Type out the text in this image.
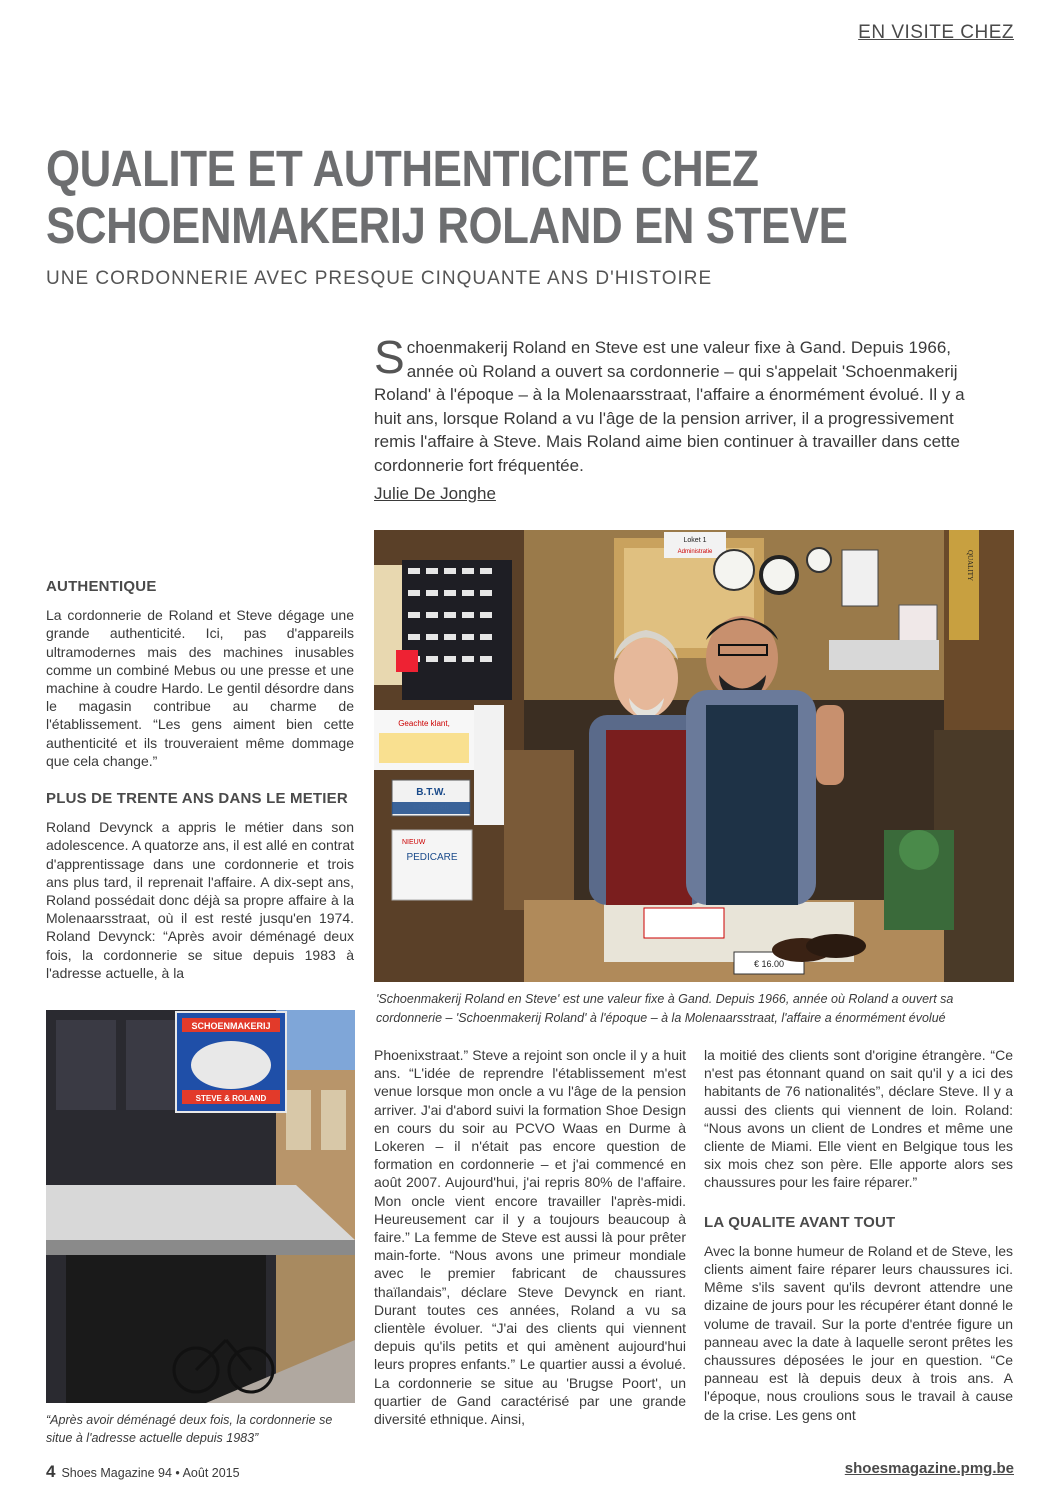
EN VISITE CHEZ
QUALITE ET AUTHENTICITE CHEZ
SCHOENMAKERIJ ROLAND EN STEVE
UNE CORDONNERIE AVEC PRESQUE CINQUANTE ANS D'HISTOIRE
Schoenmakerij Roland en Steve est une valeur fixe à Gand. Depuis 1966, année où Roland a ouvert sa cordonnerie – qui s'appelait 'Schoenmakerij Roland' à l'époque – à la Molenaarsstraat, l'affaire a énormément évolué. Il y a huit ans, lorsque Roland a vu l'âge de la pension arriver, il a progressivement remis l'affaire à Steve. Mais Roland aime bien continuer à travailler dans cette cordonnerie fort fréquentée.
Julie De Jonghe
Loket 1
Administratie	QUALITY
Geachte klant,
B.T.W.
NIEUW
PEDICARE
€ 16.00
'Schoenmakerij Roland en Steve' est une valeur fixe à Gand. Depuis 1966, année où Roland a ouvert sa cordonnerie – 'Schoenmakerij Roland' à l'époque – à la Molenaarsstraat, l'affaire a énormément évolué
AUTHENTIQUE

La cordonnerie de Roland et Steve dégage une grande authenticité. Ici, pas d'appareils ultramodernes mais des machines inusables comme un combiné Mebus ou une presse et une machine à coudre Hardo. Le gentil désordre dans le magasin contribue au charme de l'établissement. “Les gens aiment bien cette authenticité et ils trouveraient même dommage que cela change.”

PLUS DE TRENTE ANS DANS LE METIER

Roland Devynck a appris le métier dans son adolescence. A quatorze ans, il est allé en contrat d'apprentissage dans une cordonnerie et trois ans plus tard, il reprenait l'affaire. A dix-sept ans, Roland possédait donc déjà sa propre affaire à la Molenaarsstraat, où il est resté jusqu'en 1974. Roland Devynck: “Après avoir déménagé deux fois, la cordonnerie se situe depuis 1983 à l'adresse actuelle, à la

SCHOENMAKERIJ
STEVE & ROLAND
“Après avoir déménagé deux fois, la cordonnerie se situe à l'adresse actuelle depuis 1983”

Phoenixstraat.” Steve a rejoint son oncle il y a huit ans. “L'idée de reprendre l'établissement m'est venue lorsque mon oncle a vu l'âge de la pension arriver. J'ai d'abord suivi la formation Shoe Design en cours du soir au PCVO Waas en Durme à Lokeren – il n'était pas encore question de formation en cordonnerie – et j'ai commencé en août 2007. Aujourd'hui, j'ai repris 80% de l'affaire. Mon oncle vient encore travailler l'après-midi. Heureusement car il y a toujours beaucoup à faire.” La femme de Steve est aussi là pour prêter main-forte. “Nous avons une primeur mondiale avec le premier fabricant de chaussures thaïlandais”, déclare Steve Devynck en riant. Durant toutes ces années, Roland a vu sa clientèle évoluer. “J'ai des clients qui viennent depuis qu'ils petits et qui amènent aujourd'hui leurs propres enfants.” Le quartier aussi a évolué. La cordonnerie se situe au 'Brugse Poort', un quartier de Gand caractérisé par une grande diversité ethnique. Ainsi,

la moitié des clients sont d'origine étrangère. “Ce n'est pas étonnant quand on sait qu'il y a ici des habitants de 76 nationalités”, déclare Steve. Il y a aussi des clients qui viennent de loin. Roland: “Nous avons un client de Londres et même une cliente de Miami. Elle vient en Belgique tous les six mois chez son père. Elle apporte alors ses chaussures pour les faire réparer.”

LA QUALITE AVANT TOUT

Avec la bonne humeur de Roland et de Steve, les clients aiment faire réparer leurs chaussures ici. Même s'ils savent qu'ils devront attendre une dizaine de jours pour les récupérer étant donné le volume de travail. Sur la porte d'entrée figure un panneau avec la date à laquelle seront prêtes les chaussures déposées le jour en question. “Ce panneau est là depuis deux à trois ans. A l'époque, nous croulions sous le travail à cause de la crise. Les gens ont

4 Shoes Magazine 94 • Août 2015	shoesmagazine.pmg.be
